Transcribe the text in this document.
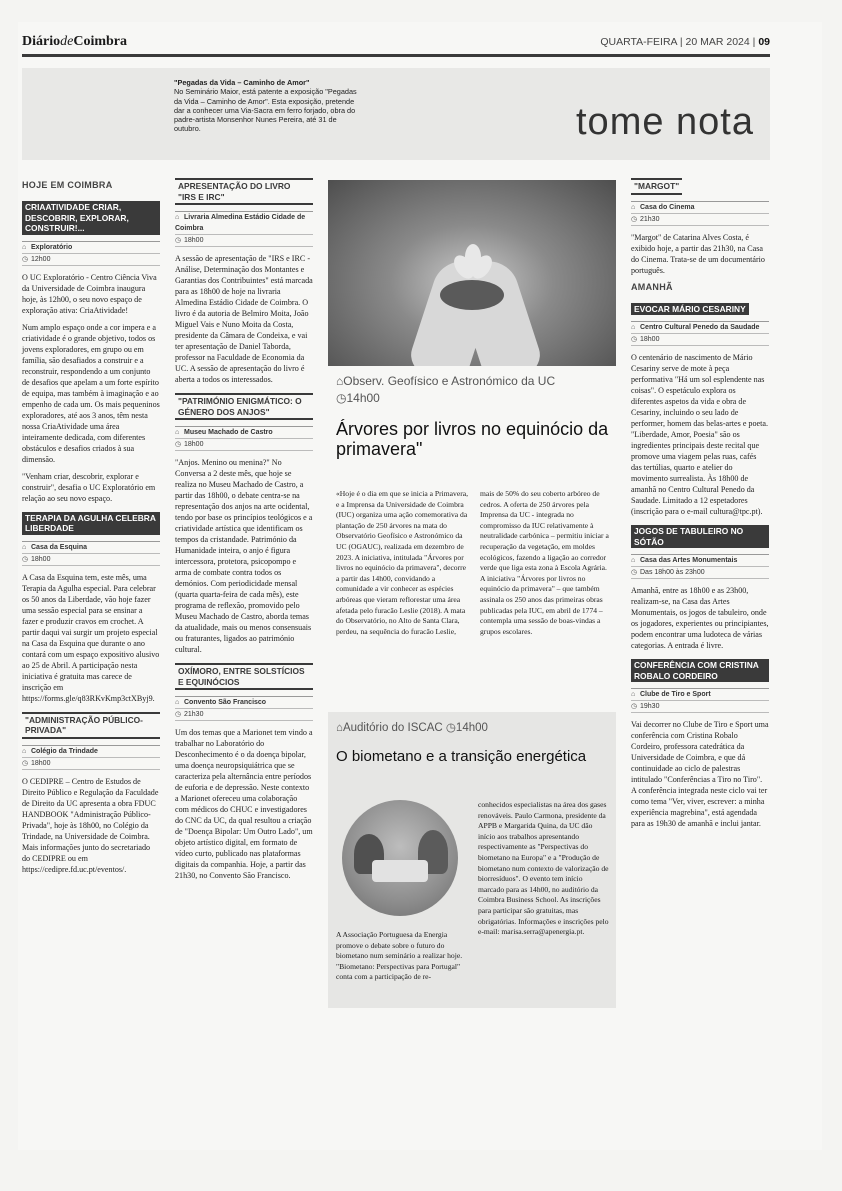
DiáriodeCoimbra	QUARTA-FEIRA | 20 MAR 2024 | 09
"Pegadas da Vida – Caminho de Amor"
No Seminário Maior, está patente a exposição "Pegadas da Vida – Caminho de Amor". Esta exposição, pretende dar a conhecer uma Via-Sacra em ferro forjado, obra do padre-artista Monsenhor Nunes Pereira, até 31 de outubro.	tome nota
HOJE EM COIMBRA
CRIAATIVIDADE CRIAR, DESCOBRIR, EXPLORAR, CONSTRUIR!...
⌂ Exploratório
◷ 12h00

O UC Exploratório - Centro Ciência Viva da Universidade de Coimbra inaugura hoje, às 12h00, o seu novo espaço de exploração ativa: CriaAtividade!

Num amplo espaço onde a cor impera e a criatividade é o grande objetivo, todos os jovens exploradores, em grupo ou em família, são desafiados a construir e a reconstruir, respondendo a um conjunto de desafios que apelam a um forte espírito de equipa, mas também à imaginação e ao empenho de cada um. Os mais pequeninos exploradores, até aos 3 anos, têm nesta nossa CriaAtividade uma área inteiramente dedicada, com diferentes obstáculos e desafios criados à sua dimensão.

"Venham criar, descobrir, explorar e construir", desafia o UC Exploratório em relação ao seu novo espaço.

TERAPIA DA AGULHA CELEBRA LIBERDADE
⌂ Casa da Esquina
◷ 18h00

A Casa da Esquina tem, este mês, uma Terapia da Agulha especial. Para celebrar os 50 anos da Liberdade, vão hoje fazer uma sessão especial para se ensinar a fazer e produzir cravos em crochet. A partir daqui vai surgir um projeto especial na Casa da Esquina que durante o ano contará com um espaço expositivo alusivo ao 25 de Abril. A participação nesta iniciativa é gratuita mas carece de inscrição em https://forms.gle/q83RKvKmp3ctXByj9.

"ADMINISTRAÇÃO PÚBLICO-PRIVADA"
⌂ Colégio da Trindade
◷ 18h00

O CEDIPRE – Centro de Estudos de Direito Público e Regulação da Faculdade de Direito da UC apresenta a obra FDUC HANDBOOK "Administração Público-Privada", hoje às 18h00, no Colégio da Trindade, na Universidade de Coimbra. Mais informações junto do secretariado do CEDIPRE ou em https://cedipre.fd.uc.pt/eventos/.

APRESENTAÇÃO DO LIVRO "IRS E IRC"
⌂ Livraria Almedina Estádio Cidade de Coimbra
◷ 18h00

A sessão de apresentação de "IRS e IRC - Análise, Determinação dos Montantes e Garantias dos Contribuintes" está marcada para as 18h00 de hoje na livraria Almedina Estádio Cidade de Coimbra. O livro é da autoria de Belmiro Moita, João Miguel Vais e Nuno Moita da Costa, presidente da Câmara de Condeixa, e vai ter apresentação de Daniel Taborda, professor na Faculdade de Economia da UC. A sessão de apresentação do livro é aberta a todos os interessados.

"PATRIMÓNIO ENIGMÁTICO: O GÉNERO DOS ANJOS"
⌂ Museu Machado de Castro
◷ 18h00

"Anjos. Menino ou menina?" No Conversa a 2 deste mês, que hoje se realiza no Museu Machado de Castro, a partir das 18h00, o debate centra-se na representação dos anjos na arte ocidental, tendo por base os princípios teológicos e a criatividade artística que identificam os tempos da cristandade. Património da Humanidade inteira, o anjo é figura intercessora, protetora, psicopompo e arma de combate contra todos os demónios. Com periodicidade mensal (quarta quarta-feira de cada mês), este programa de reflexão, promovido pelo Museu Machado de Castro, aborda temas da atualidade, mais ou menos consensuais ou fraturantes, ligados ao património cultural.

OXÍMORO, ENTRE SOLSTÍCIOS E EQUINÓCIOS
⌂ Convento São Francisco
◷ 21h30

Um dos temas que a Marionet tem vindo a trabalhar no Laboratório do Desconhecimento é o da doença bipolar, uma doença neuropsiquiátrica que se caracteriza pela alternância entre períodos de euforia e de depressão. Neste contexto a Marionet ofereceu uma colaboração com médicos do CHUC e investigadores do CNC da UC, da qual resultou a criação de "Doença Bipolar: Um Outro Lado", um objeto artístico digital, em formato de vídeo curto, publicado nas plataformas digitais da companhia. Hoje, a partir das 21h30, no Convento São Francisco.

⌂Observ. Geofísico e Astronómico da UC
◷14h00
Árvores por livros no equinócio da primavera"
«Hoje é o dia em que se inicia a Primavera, e a Imprensa da Universidade de Coimbra (IUC) organiza uma ação comemorativa da plantação de 250 árvores na mata do Observatório Geofísico e Astronómico da UC (OGAUC), realizada em dezembro de 2023. A iniciativa, intitulada "Árvores por livros no equinócio da primavera", decorre a partir das 14h00, convidando a comunidade a vir conhecer as espécies arbóreas que vieram reflorestar uma área afetada pelo furacão Leslie (2018). A mata do Observatório, no Alto de Santa Clara, perdeu, na sequência do furacão Leslie, mais de 50% do seu coberto arbóreo de cedros. A oferta de 250 árvores pela Imprensa da UC - integrada no compromisso da IUC relativamente à neutralidade carbónica – permitiu iniciar a recuperação da vegetação, em moldes ecológicos, fazendo a ligação ao corredor verde que liga esta zona à Escola Agrária. A iniciativa "Árvores por livros no equinócio da primavera" – que também assinala os 250 anos das primeiras obras publicadas pela IUC, em abril de 1774 – contempla uma sessão de boas-vindas a grupos escolares.
⌂Auditório do ISCAC ◷14h00
O biometano e a transição energética
A Associação Portuguesa da Energia promove o debate sobre o futuro do biometano num seminário a realizar hoje. "Biometano: Perspectivas para Portugal" conta com a participação de re-
conhecidos especialistas na área dos gases renováveis. Paulo Carmona, presidente da APPB e Margarida Quina, da UC dão início aos trabalhos apresentando respectivamente as "Perspectivas do biometano na Europa" e a "Produção de biometano num contexto de valorização de biorresíduos". O evento tem início marcado para as 14h00, no auditório da Coimbra Business School. As inscrições para participar são gratuitas, mas obrigatórias. Informações e inscrições pelo e-mail: marisa.serra@apenergia.pt.
"MARGOT"
⌂ Casa do Cinema
◷ 21h30

"Margot" de Catarina Alves Costa, é exibido hoje, a partir das 21h30, na Casa do Cinema. Trata-se de um documentário português.

AMANHÃ
EVOCAR MÁRIO CESARINY
⌂ Centro Cultural Penedo da Saudade
◷ 18h00

O centenário de nascimento de Mário Cesariny serve de mote à peça performativa "Há um sol esplendente nas coisas". O espetáculo explora os diferentes aspetos da vida e obra de Cesariny, incluindo o seu lado de performer, homem das belas-artes e poeta. "Liberdade, Amor, Poesia" são os ingredientes principais deste recital que promove uma viagem pelas ruas, cafés das tertúlias, quarto e atelier do movimento surrealista. Às 18h00 de amanhã no Centro Cultural Penedo da Saudade. Limitado a 12 espetadores (inscrição para o e-mail cultura@tpc.pt).

JOGOS DE TABULEIRO NO SÓTÃO
⌂ Casa das Artes Monumentais
◷ Das 18h00 às 23h00

Amanhã, entre as 18h00 e as 23h00, realizam-se, na Casa das Artes Monumentais, os jogos de tabuleiro, onde os jogadores, experientes ou principiantes, podem encontrar uma ludoteca de várias categorias. A entrada é livre.

CONFERÊNCIA COM CRISTINA ROBALO CORDEIRO
⌂ Clube de Tiro e Sport
◷ 19h30

Vai decorrer no Clube de Tiro e Sport uma conferência com Cristina Robalo Cordeiro, professora catedrática da Universidade de Coimbra, e que dá continuidade ao ciclo de palestras intitulado "Conferências a Tiro no Tiro". A conferência integrada neste ciclo vai ter como tema "Ver, viver, escrever: a minha experiência magrebina", está agendada para as 19h30 de amanhã e inclui jantar.
